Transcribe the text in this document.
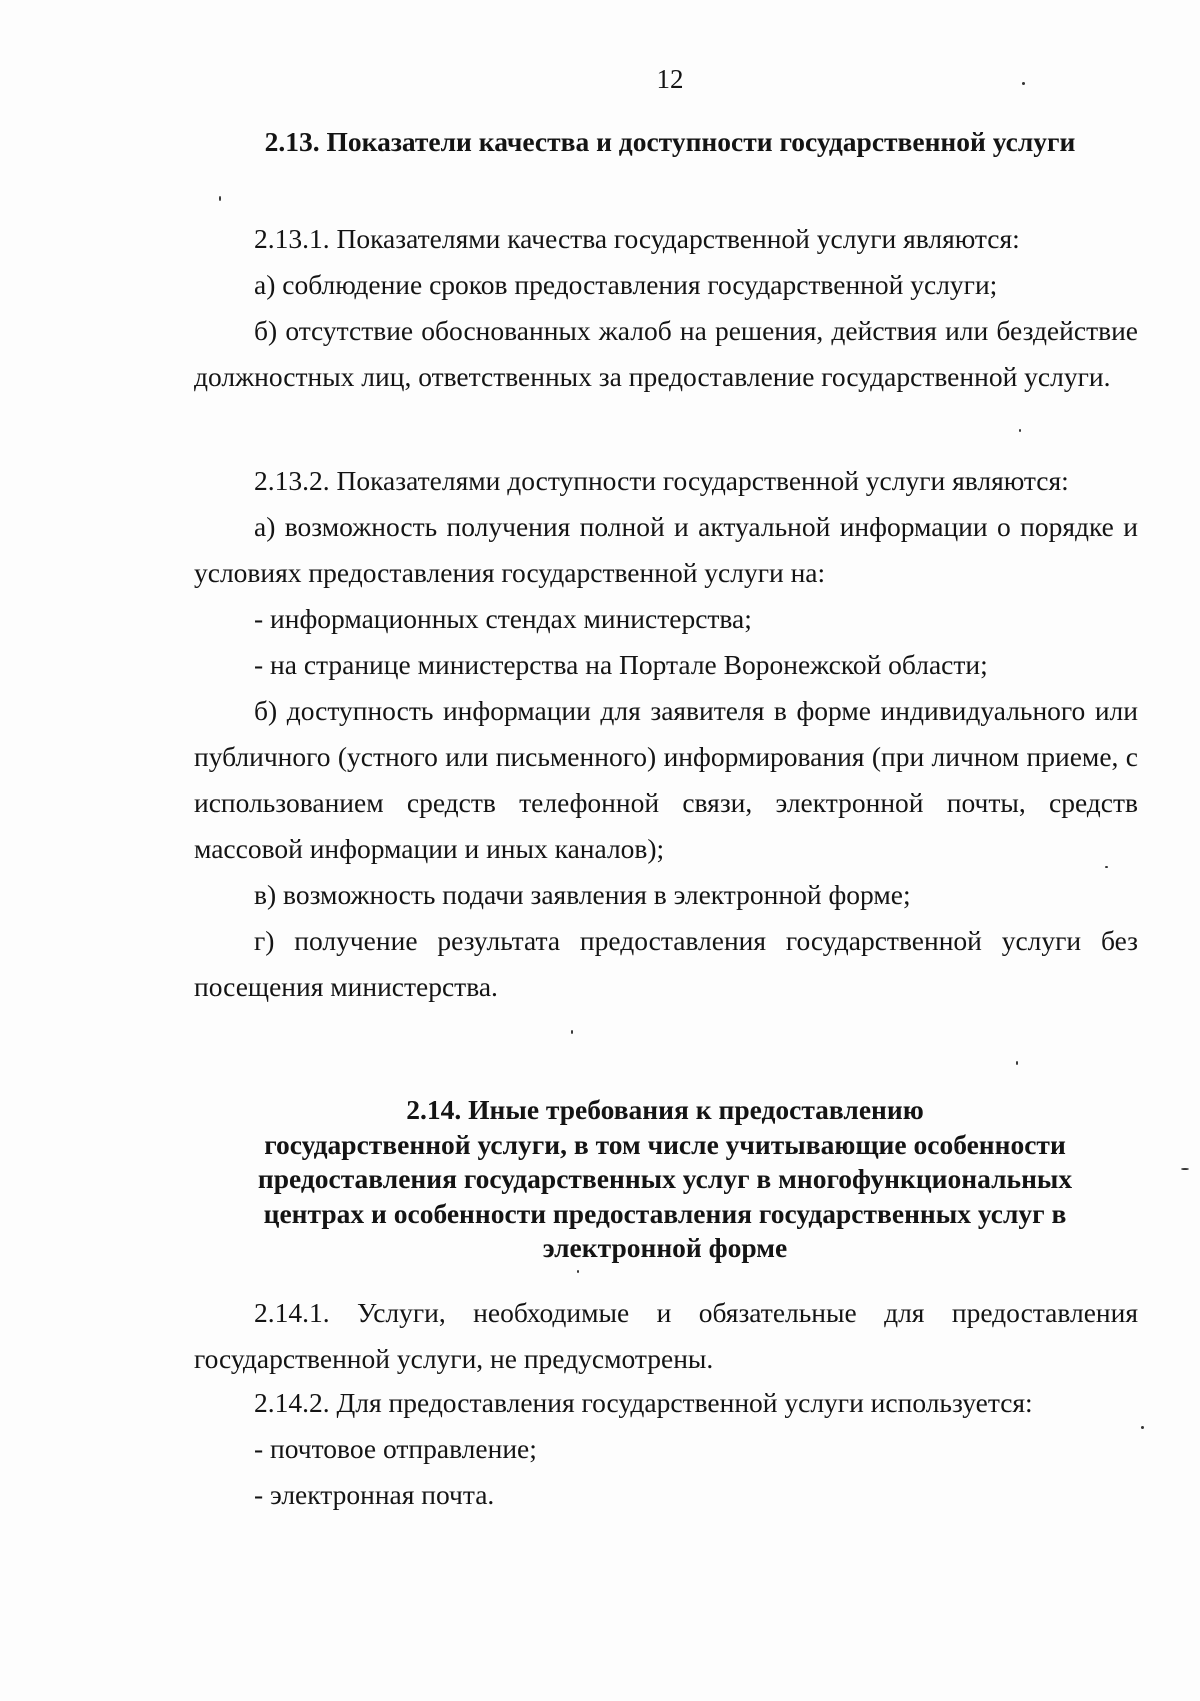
12
2.13. Показатели качества и доступности государственной услуги

2.13.1. Показателями качества государственной услуги являются:

а) соблюдение сроков предоставления государственной услуги;

б) отсутствие обоснованных жалоб на решения, действия или бездействие должностных лиц, ответственных за предоставление государственной услуги.

2.13.2. Показателями доступности государственной услуги являются:

а) возможность получения полной и актуальной информации о порядке и условиях предоставления государственной услуги на:

- информационных стендах министерства;

- на странице министерства на Портале Воронежской области;

б) доступность информации для заявителя в форме индивидуального или публичного (устного или письменного) информирования (при личном приеме, с использованием средств телефонной связи, электронной почты, средств массовой информации и иных каналов);

в) возможность подачи заявления в электронной форме;

г) получение результата предоставления государственной услуги без посещения министерства.

2.14. Иные требования к предоставлению
государственной услуги, в том числе учитывающие особенности
предоставления государственных услуг в многофункциональных
центрах и особенности предоставления государственных услуг в
электронной форме

2.14.1. Услуги, необходимые и обязательные для предоставления государственной услуги, не предусмотрены.

2.14.2. Для предоставления государственной услуги используется:

- почтовое отправление;

- электронная почта.
